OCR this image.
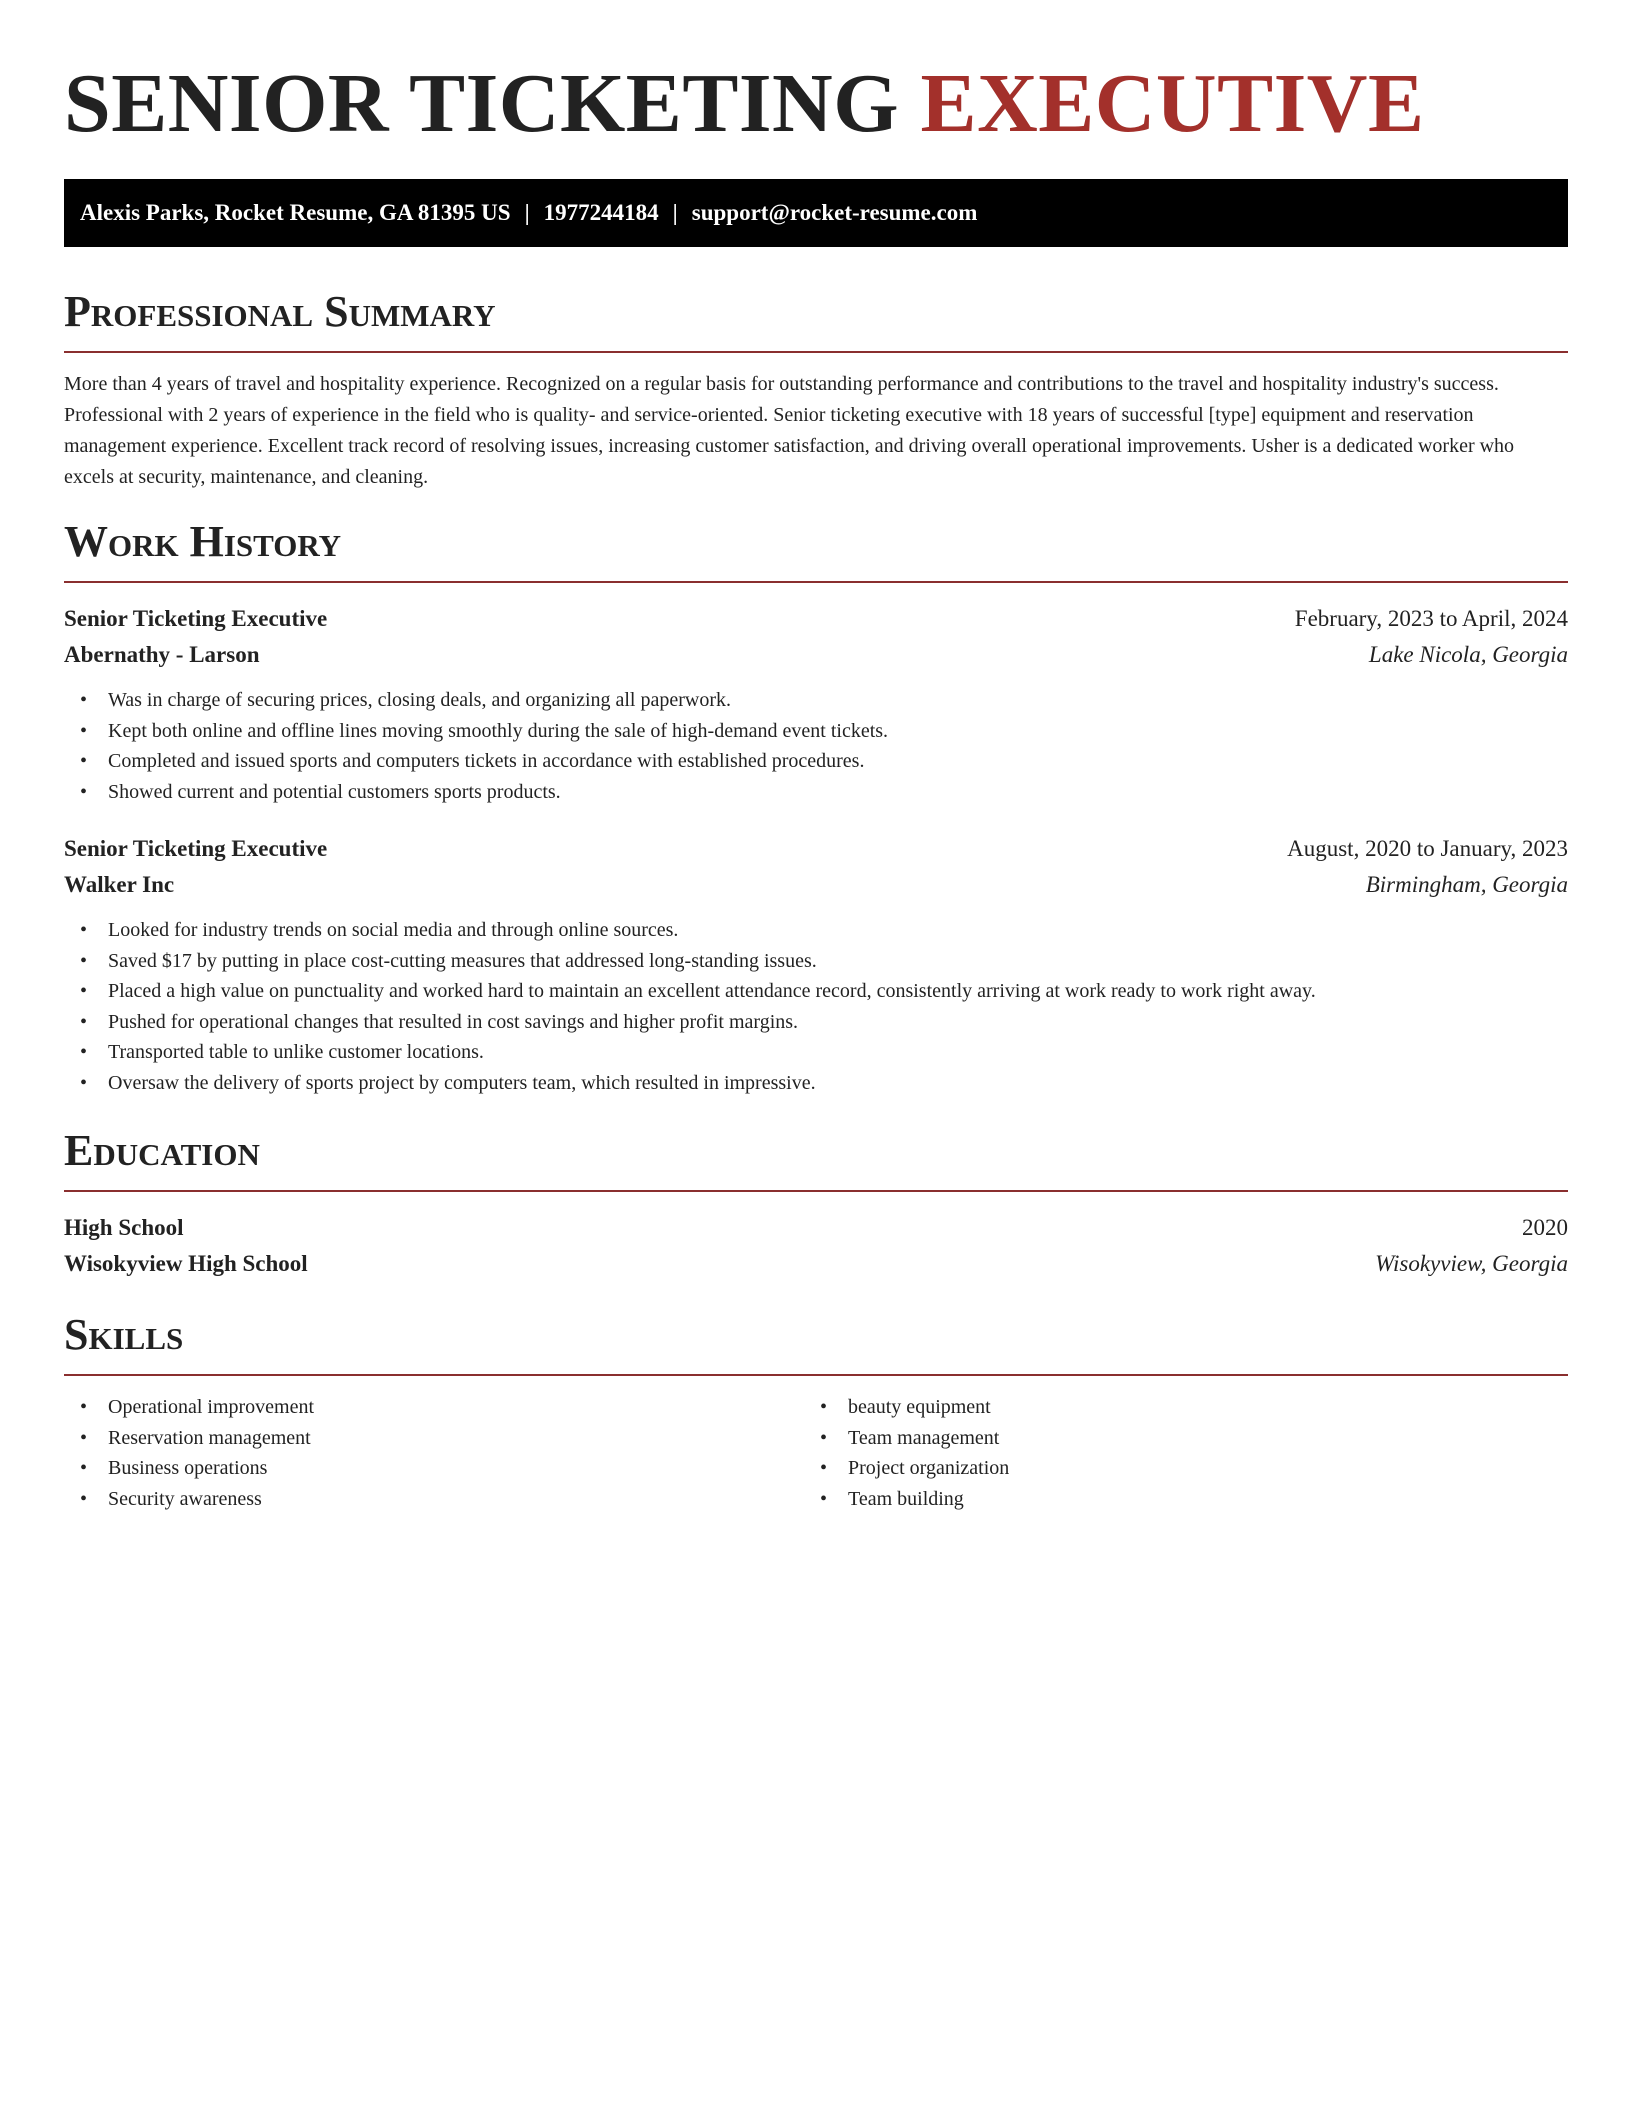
SENIOR TICKETING EXECUTIVE
Alexis Parks, Rocket Resume, GA 81395 US | 1977244184 | support@rocket-resume.com
Professional Summary

More than 4 years of travel and hospitality experience. Recognized on a regular basis for outstanding performance and contributions to the travel and hospitality industry's success. Professional with 2 years of experience in the field who is quality- and service-oriented. Senior ticketing executive with 18 years of successful [type] equipment and reservation management experience. Excellent track record of resolving issues, increasing customer satisfaction, and driving overall operational improvements. Usher is a dedicated worker who excels at security, maintenance, and cleaning.

Work History
Senior Ticketing Executive	February, 2023 to April, 2024
Abernathy - Larson	Lake Nicola, Georgia
• Was in charge of securing prices, closing deals, and organizing all paperwork.
• Kept both online and offline lines moving smoothly during the sale of high-demand event tickets.
• Completed and issued sports and computers tickets in accordance with established procedures.
• Showed current and potential customers sports products.
Senior Ticketing Executive	August, 2020 to January, 2023
Walker Inc	Birmingham, Georgia
• Looked for industry trends on social media and through online sources.
• Saved $17 by putting in place cost-cutting measures that addressed long-standing issues.
• Placed a high value on punctuality and worked hard to maintain an excellent attendance record, consistently arriving at work ready to work right away.
• Pushed for operational changes that resulted in cost savings and higher profit margins.
• Transported table to unlike customer locations.
• Oversaw the delivery of sports project by computers team, which resulted in impressive.
Education
High School	2020
Wisokyview High School	Wisokyview, Georgia
Skills
• Operational improvement
• Reservation management
• Business operations
• Security awareness
• beauty equipment
• Team management
• Project organization
• Team building
